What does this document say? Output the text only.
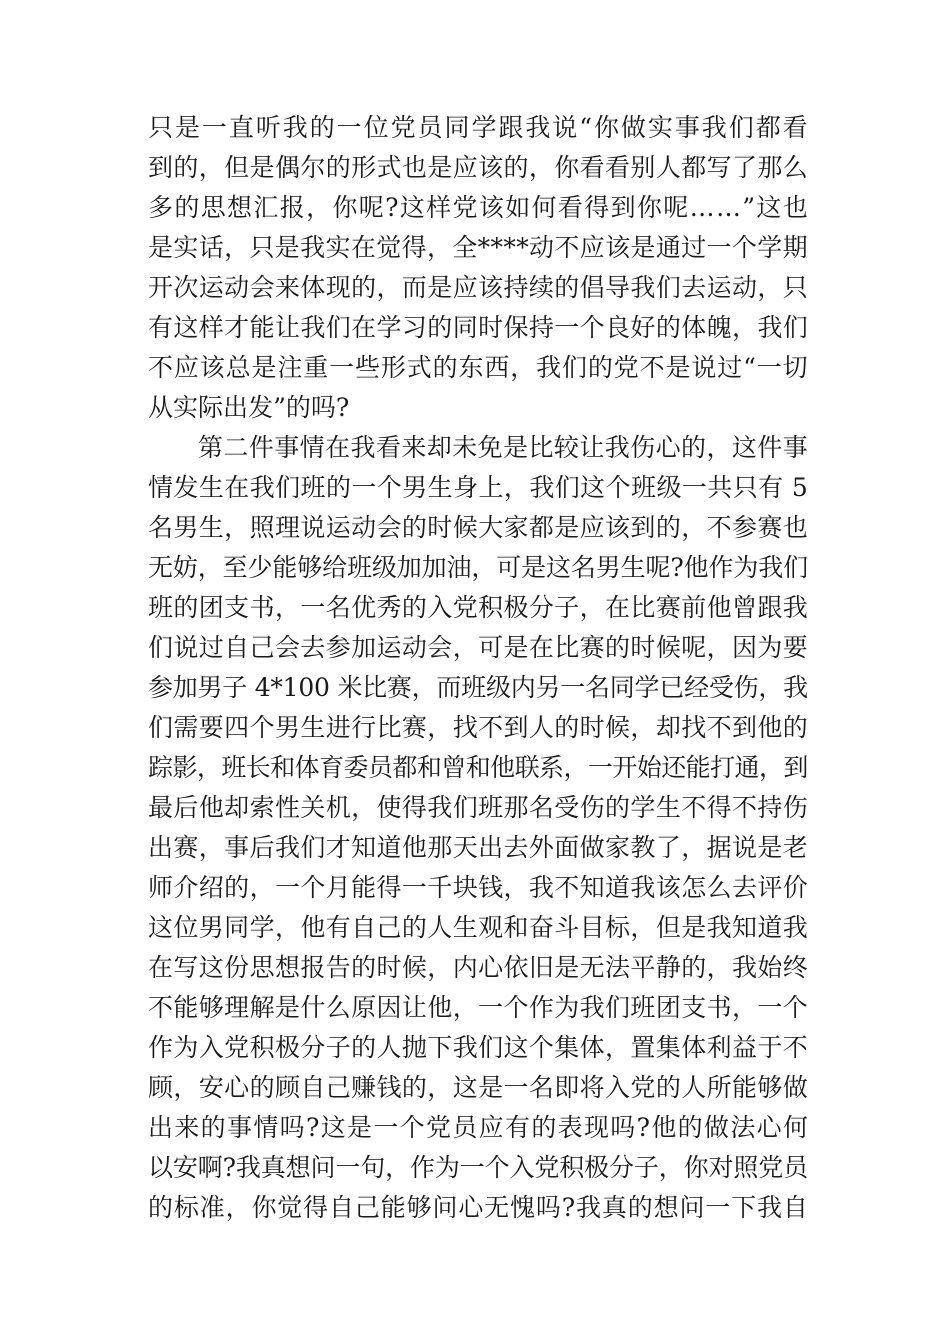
只是一直听我的一位党员同学跟我说“你做实事我们都看
到的，但是偶尔的形式也是应该的，你看看别人都写了那么
多的思想汇报，你呢?这样党该如何看得到你呢……”这也
是实话，只是我实在觉得，全****动不应该是通过一个学期
开次运动会来体现的，而是应该持续的倡导我们去运动，只
有这样才能让我们在学习的同时保持一个良好的体魄，我们
不应该总是注重一些形式的东西，我们的党不是说过“一切
从实际出发”的吗?
第二件事情在我看来却未免是比较让我伤心的，这件事
情发生在我们班的一个男生身上，我们这个班级一共只有 5
名男生，照理说运动会的时候大家都是应该到的，不参赛也
无妨，至少能够给班级加加油，可是这名男生呢?他作为我们
班的团支书，一名优秀的入党积极分子，在比赛前他曾跟我
们说过自己会去参加运动会，可是在比赛的时候呢，因为要
参加男子 4*100 米比赛，而班级内另一名同学已经受伤，我
们需要四个男生进行比赛，找不到人的时候，却找不到他的
踪影，班长和体育委员都和曾和他联系，一开始还能打通，到
最后他却索性关机，使得我们班那名受伤的学生不得不持伤
出赛，事后我们才知道他那天出去外面做家教了，据说是老
师介绍的，一个月能得一千块钱，我不知道我该怎么去评价
这位男同学，他有自己的人生观和奋斗目标，但是我知道我
在写这份思想报告的时候，内心依旧是无法平静的，我始终
不能够理解是什么原因让他，一个作为我们班团支书，一个
作为入党积极分子的人抛下我们这个集体，置集体利益于不
顾，安心的顾自己赚钱的，这是一名即将入党的人所能够做
出来的事情吗?这是一个党员应有的表现吗?他的做法心何
以安啊?我真想问一句，作为一个入党积极分子，你对照党员
的标准，你觉得自己能够问心无愧吗?我真的想问一下我自
